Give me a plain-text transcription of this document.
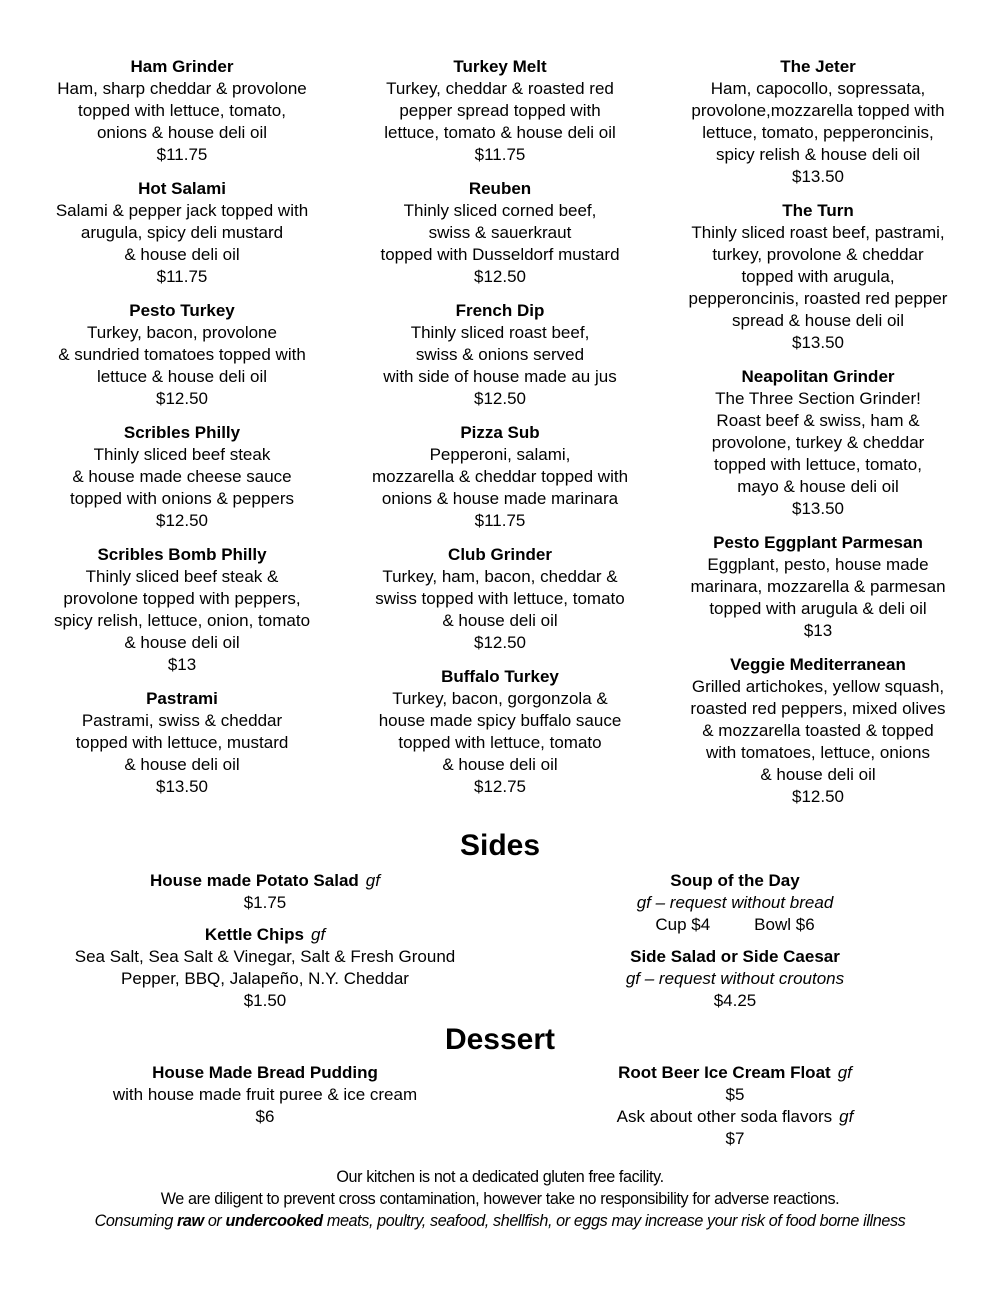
Ham Grinder
Ham, sharp cheddar & provolone
topped with lettuce, tomato,
onions & house deli oil
$11.75
Hot Salami
Salami & pepper jack topped with
arugula, spicy deli mustard
& house deli oil
$11.75
Pesto Turkey
Turkey, bacon, provolone
& sundried tomatoes topped with
lettuce & house deli oil
$12.50
Scribles Philly
Thinly sliced beef steak
& house made cheese sauce
topped with onions & peppers
$12.50
Scribles Bomb Philly
Thinly sliced beef steak &
provolone topped with peppers,
spicy relish, lettuce, onion, tomato
& house deli oil
$13
Pastrami
Pastrami, swiss & cheddar
topped with lettuce, mustard
& house deli oil
$13.50
Turkey Melt
Turkey, cheddar & roasted red
pepper spread topped with
lettuce, tomato & house deli oil
$11.75
Reuben
Thinly sliced corned beef,
swiss & sauerkraut
topped with Dusseldorf mustard
$12.50
French Dip
Thinly sliced roast beef,
swiss & onions served
with side of house made au jus
$12.50
Pizza Sub
Pepperoni, salami,
mozzarella & cheddar topped with
onions & house made marinara
$11.75
Club Grinder
Turkey, ham, bacon, cheddar &
swiss topped with lettuce, tomato
& house deli oil
$12.50
Buffalo Turkey
Turkey, bacon, gorgonzola &
house made spicy buffalo sauce
topped with lettuce, tomato
& house deli oil
$12.75
The Jeter
Ham, capocollo, sopressata,
provolone,mozzarella topped with
lettuce, tomato, pepperoncinis,
spicy relish & house deli oil
$13.50
The Turn
Thinly sliced roast beef, pastrami,
turkey, provolone & cheddar
topped with arugula,
pepperoncinis, roasted red pepper
spread & house deli oil
$13.50
Neapolitan Grinder
The Three Section Grinder!
Roast beef & swiss, ham &
provolone, turkey & cheddar
topped with lettuce, tomato,
mayo & house deli oil
$13.50
Pesto Eggplant Parmesan
Eggplant, pesto, house made
marinara, mozzarella & parmesan
topped with arugula & deli oil
$13
Veggie Mediterranean
Grilled artichokes, yellow squash,
roasted red peppers, mixed olives
& mozzarella toasted & topped
with tomatoes, lettuce, onions
& house deli oil
$12.50
Sides
House made Potato Salad gf
$1.75
Kettle Chips gf
Sea Salt, Sea Salt & Vinegar, Salt & Fresh Ground
Pepper, BBQ, Jalapeño, N.Y. Cheddar
$1.50
Soup of the Day
gf – request without bread
Cup $4	Bowl $6
Side Salad or Side Caesar
gf – request without croutons
$4.25
Dessert
House Made Bread Pudding
with house made fruit puree & ice cream
$6
Root Beer Ice Cream Float gf
$5
Ask about other soda flavors gf
$7
Our kitchen is not a dedicated gluten free facility.
We are diligent to prevent cross contamination, however take no responsibility for adverse reactions.
Consuming raw or undercooked meats, poultry, seafood, shellfish, or eggs may increase your risk of food borne illness
